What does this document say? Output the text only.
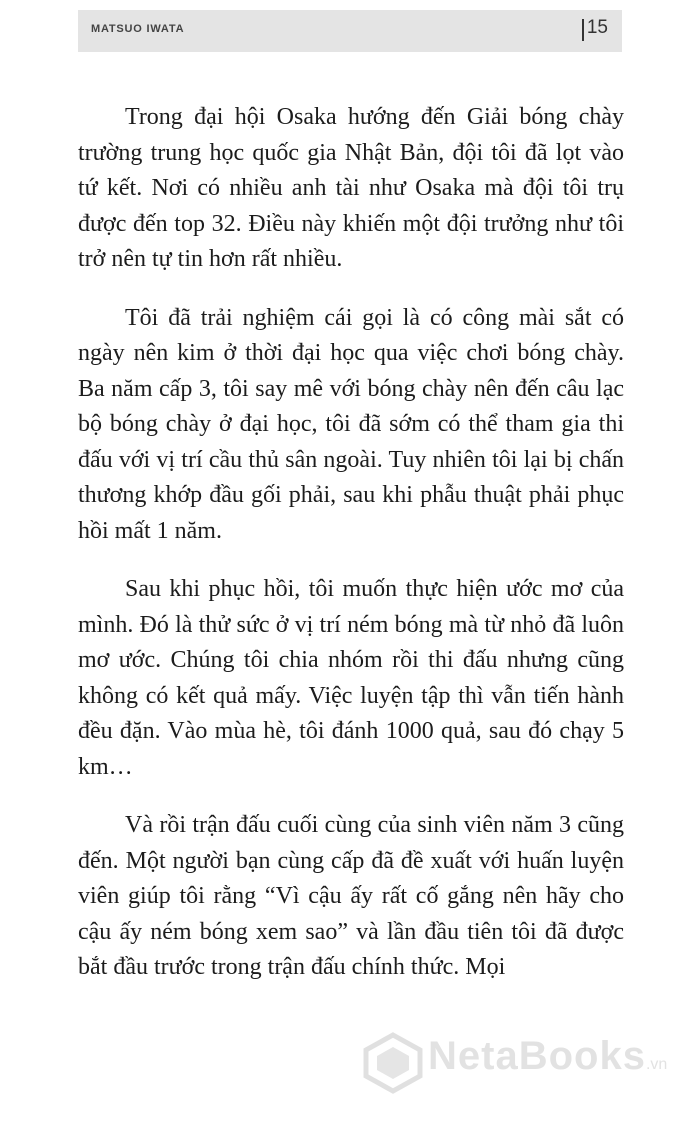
MATSUO IWATA	15

Trong đại hội Osaka hướng đến Giải bóng chày trường trung học quốc gia Nhật Bản, đội tôi đã lọt vào tứ kết. Nơi có nhiều anh tài như Osaka mà đội tôi trụ được đến top 32. Điều này khiến một đội trưởng như tôi trở nên tự tin hơn rất nhiều.

Tôi đã trải nghiệm cái gọi là có công mài sắt có ngày nên kim ở thời đại học qua việc chơi bóng chày. Ba năm cấp 3, tôi say mê với bóng chày nên đến câu lạc bộ bóng chày ở đại học, tôi đã sớm có thể tham gia thi đấu với vị trí cầu thủ sân ngoài. Tuy nhiên tôi lại bị chấn thương khớp đầu gối phải, sau khi phẫu thuật phải phục hồi mất 1 năm.

Sau khi phục hồi, tôi muốn thực hiện ước mơ của mình. Đó là thử sức ở vị trí ném bóng mà từ nhỏ đã luôn mơ ước. Chúng tôi chia nhóm rồi thi đấu nhưng cũng không có kết quả mấy. Việc luyện tập thì vẫn tiến hành đều đặn. Vào mùa hè, tôi đánh 1000 quả, sau đó chạy 5 km…

Và rồi trận đấu cuối cùng của sinh viên năm 3 cũng đến. Một người bạn cùng cấp đã đề xuất với huấn luyện viên giúp tôi rằng “Vì cậu ấy rất cố gắng nên hãy cho cậu ấy ném bóng xem sao” và lần đầu tiên tôi đã được bắt đầu trước trong trận đấu chính thức. Mọi

NetaBooks.vn
